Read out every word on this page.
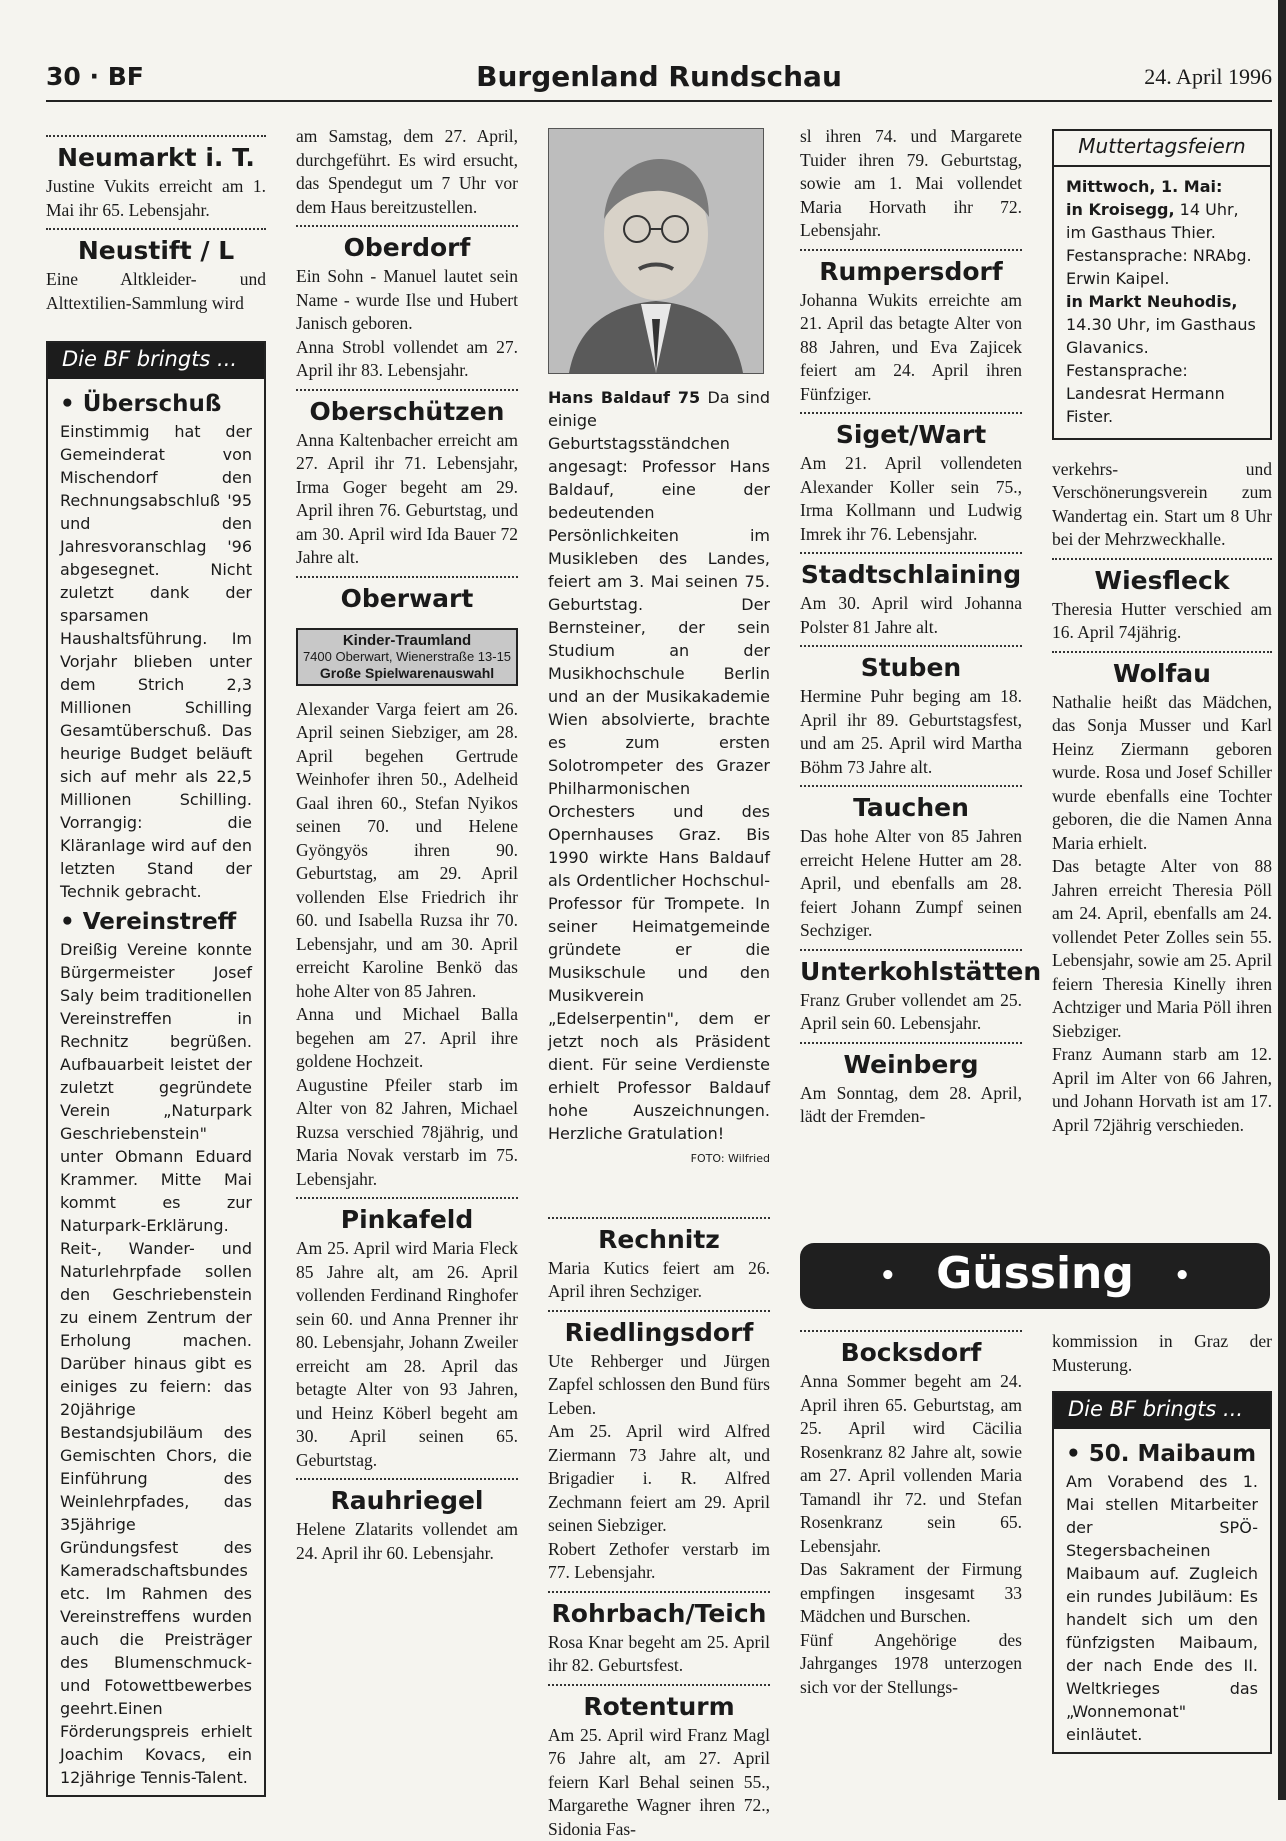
30 · BF	Burgenland Rundschau	24. April 1996
Neumarkt i. T.

Justine Vukits erreicht am 1. Mai ihr 65. Lebensjahr.

Neustift / L

Eine Altkleider- und Alttextilien-Sammlung wird

Die BF bringts ...
• Überschuß

Einstimmig hat der Gemeinderat von Mischendorf den Rechnungsabschluß '95 und den Jahresvoranschlag '96 abgesegnet. Nicht zuletzt dank der sparsamen Haushaltsführung. Im Vorjahr blieben unter dem Strich 2,3 Millionen Schilling Gesamtüberschuß. Das heurige Budget beläuft sich auf mehr als 22,5 Millionen Schilling. Vorrangig: die Kläranlage wird auf den letzten Stand der Technik gebracht.

• Vereinstreff

Dreißig Vereine konnte Bürgermeister Josef Saly beim traditionellen Vereinstreffen in Rechnitz begrüßen. Aufbauarbeit leistet der zuletzt gegründete Verein „Naturpark Geschriebenstein" unter Obmann Eduard Krammer. Mitte Mai kommt es zur Naturpark-Erklärung. Reit-, Wander- und Naturlehrpfade sollen den Geschriebenstein zu einem Zentrum der Erholung machen. Darüber hinaus gibt es einiges zu feiern: das 20jährige Bestandsjubiläum des Gemischten Chors, die Einführung des Weinlehrpfades, das 35jährige Gründungsfest des Kameradschaftsbundes etc. Im Rahmen des Vereinstreffens wurden auch die Preisträger des Blumenschmuck- und Fotowettbewerbes geehrt.Einen Förderungspreis erhielt Joachim Kovacs, ein 12jährige Tennis-Talent.

am Samstag, dem 27. April, durchgeführt. Es wird ersucht, das Spendegut um 7 Uhr vor dem Haus bereitzustellen.

Oberdorf

Ein Sohn - Manuel lautet sein Name - wurde Ilse und Hubert Janisch geboren.

Anna Strobl vollendet am 27. April ihr 83. Lebensjahr.

Oberschützen

Anna Kaltenbacher erreicht am 27. April ihr 71. Lebensjahr, Irma Goger begeht am 29. April ihren 76. Geburtstag, und am 30. April wird Ida Bauer 72 Jahre alt.

Oberwart
Kinder-Traumland
7400 Oberwart, Wienerstraße 13-15
Große Spielwarenauswahl

Alexander Varga feiert am 26. April seinen Siebziger, am 28. April begehen Gertrude Weinhofer ihren 50., Adelheid Gaal ihren 60., Stefan Nyikos seinen 70. und Helene Gyöngyös ihren 90. Geburtstag, am 29. April vollenden Else Friedrich ihr 60. und Isabella Ruzsa ihr 70. Lebensjahr, und am 30. April erreicht Karoline Benkö das hohe Alter von 85 Jahren.

Anna und Michael Balla begehen am 27. April ihre goldene Hochzeit.

Augustine Pfeiler starb im Alter von 82 Jahren, Michael Ruzsa verschied 78jährig, und Maria Novak verstarb im 75. Lebensjahr.

Pinkafeld

Am 25. April wird Maria Fleck 85 Jahre alt, am 26. April vollenden Ferdinand Ringhofer sein 60. und Anna Prenner ihr 80. Lebensjahr, Johann Zweiler erreicht am 28. April das betagte Alter von 93 Jahren, und Heinz Köberl begeht am 30. April seinen 65. Geburtstag.

Rauhriegel

Helene Zlatarits vollendet am 24. April ihr 60. Lebensjahr.

Hans Baldauf 75 Da sind einige Geburtstagsständchen angesagt: Professor Hans Baldauf, eine der bedeutenden Persönlichkeiten im Musikleben des Landes, feiert am 3. Mai seinen 75. Geburtstag. Der Bernsteiner, der sein Studium an der Musikhochschule Berlin und an der Musikakademie Wien absolvierte, brachte es zum ersten Solotrompeter des Grazer Philharmonischen Orchesters und des Opernhauses Graz. Bis 1990 wirkte Hans Baldauf als Ordentlicher Hochschul-Professor für Trompete. In seiner Heimatgemeinde gründete er die Musikschule und den Musikverein „Edelserpentin", dem er jetzt noch als Präsident dient. Für seine Verdienste erhielt Professor Baldauf hohe Auszeichnungen. Herzliche Gratulation!
FOTO: Wilfried
Rechnitz

Maria Kutics feiert am 26. April ihren Sechziger.

Riedlingsdorf

Ute Rehberger und Jürgen Zapfel schlossen den Bund fürs Leben.

Am 25. April wird Alfred Ziermann 73 Jahre alt, und Brigadier i. R. Alfred Zechmann feiert am 29. April seinen Siebziger.

Robert Zethofer verstarb im 77. Lebensjahr.

Rohrbach/Teich

Rosa Knar begeht am 25. April ihr 82. Geburtsfest.

Rotenturm

Am 25. April wird Franz Magl 76 Jahre alt, am 27. April feiern Karl Behal seinen 55., Margarethe Wagner ihren 72., Sidonia Fas-

sl ihren 74. und Margarete Tuider ihren 79. Geburtstag, sowie am 1. Mai vollendet Maria Horvath ihr 72. Lebensjahr.

Rumpersdorf

Johanna Wukits erreichte am 21. April das betagte Alter von 88 Jahren, und Eva Zajicek feiert am 24. April ihren Fünfziger.

Siget/Wart

Am 21. April vollendeten Alexander Koller sein 75., Irma Kollmann und Ludwig Imrek ihr 76. Lebensjahr.

Stadtschlaining

Am 30. April wird Johanna Polster 81 Jahre alt.

Stuben

Hermine Puhr beging am 18. April ihr 89. Geburtstagsfest, und am 25. April wird Martha Böhm 73 Jahre alt.

Tauchen

Das hohe Alter von 85 Jahren erreicht Helene Hutter am 28. April, und ebenfalls am 28. feiert Johann Zumpf seinen Sechziger.

Unterkohlstätten

Franz Gruber vollendet am 25. April sein 60. Lebensjahr.

Weinberg

Am Sonntag, dem 28. April, lädt der Fremden-

Bocksdorf

Anna Sommer begeht am 24. April ihren 65. Geburtstag, am 25. April wird Cäcilia Rosenkranz 82 Jahre alt, sowie am 27. April vollenden Maria Tamandl ihr 72. und Stefan Rosenkranz sein 65. Lebensjahr.

Das Sakrament der Firmung empfingen insgesamt 33 Mädchen und Burschen.

Fünf Angehörige des Jahrganges 1978 unterzogen sich vor der Stellungs-

Muttertagsfeiern
Mittwoch, 1. Mai:
in Kroisegg, 14 Uhr, im Gasthaus Thier. Festansprache: NRAbg. Erwin Kaipel.
in Markt Neuhodis, 14.30 Uhr, im Gasthaus Glavanics. Festansprache: Landesrat Hermann Fister.

verkehrs- und Verschönerungsverein zum Wandertag ein. Start um 8 Uhr bei der Mehrzweckhalle.

Wiesfleck

Theresia Hutter verschied am 16. April 74jährig.

Wolfau

Nathalie heißt das Mädchen, das Sonja Musser und Karl Heinz Ziermann geboren wurde. Rosa und Josef Schiller wurde ebenfalls eine Tochter geboren, die die Namen Anna Maria erhielt.

Das betagte Alter von 88 Jahren erreicht Theresia Pöll am 24. April, ebenfalls am 24. vollendet Peter Zolles sein 55. Lebensjahr, sowie am 25. April feiern Theresia Kinelly ihren Achtziger und Maria Pöll ihren Siebziger.

Franz Aumann starb am 12. April im Alter von 66 Jahren, und Johann Horvath ist am 17. April 72jährig verschieden.

kommission in Graz der Musterung.

Die BF bringts ...
• 50. Maibaum

Am Vorabend des 1. Mai stellen Mitarbeiter der SPÖ-Stegersbacheinen Maibaum auf. Zugleich ein rundes Jubiläum: Es handelt sich um den fünfzigsten Maibaum, der nach Ende des II. Weltkrieges das „Wonnemonat" einläutet.

• Güssing •
